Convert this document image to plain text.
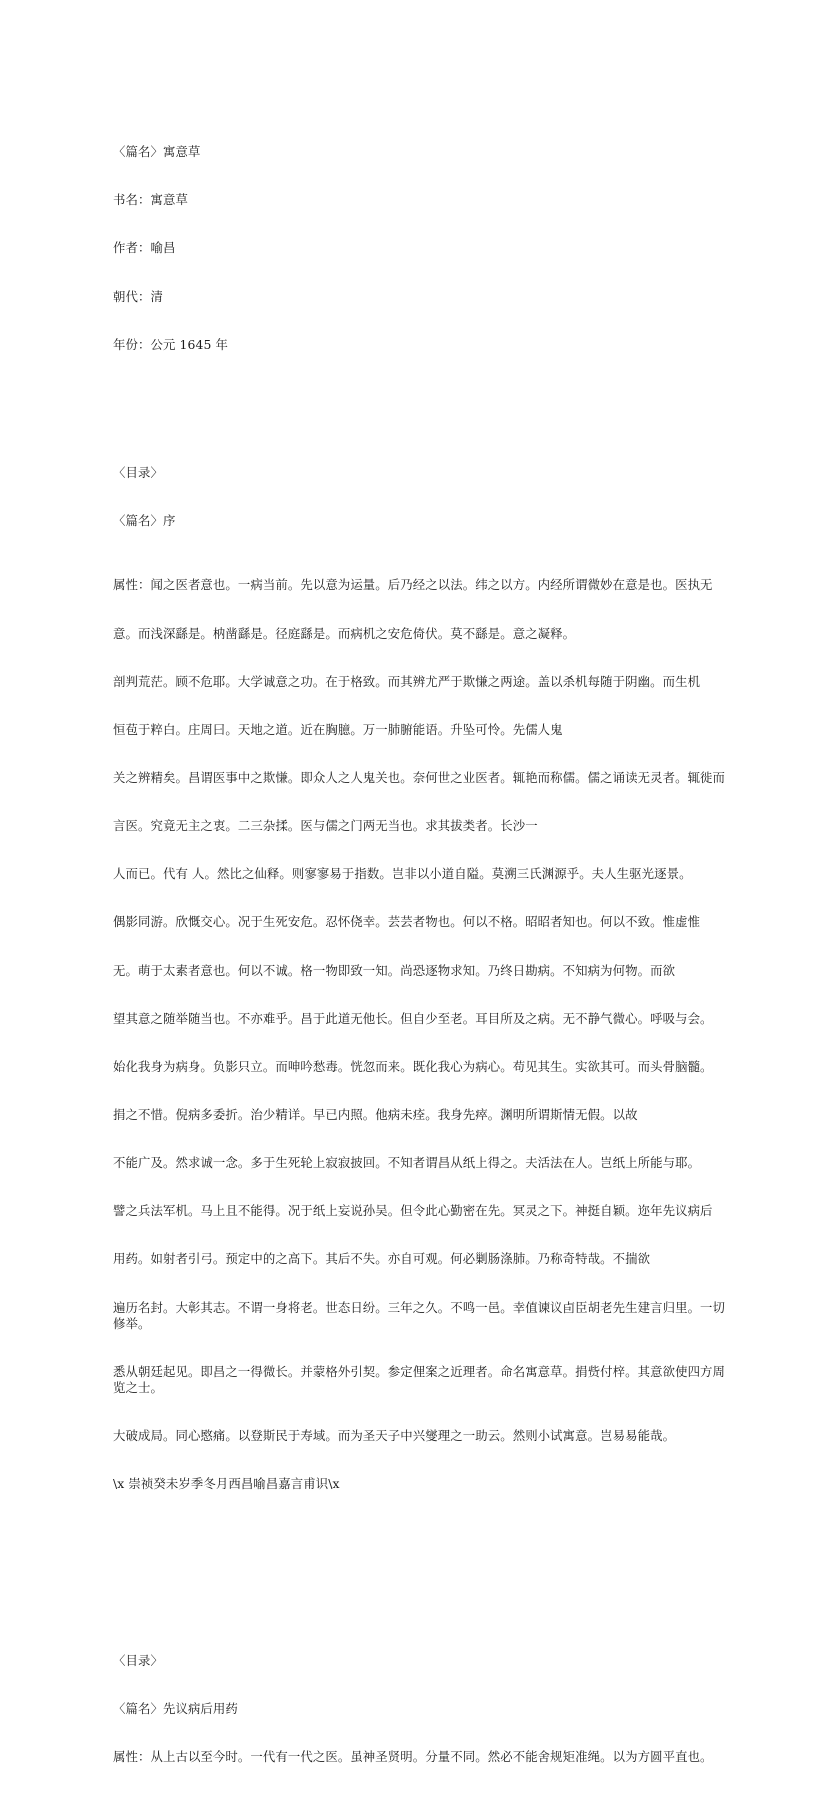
〈篇名〉寓意草

书名：寓意草

作者：喻昌

朝代：清

年份：公元 1645 年

〈目录〉

〈篇名〉序

属性：闻之医者意也。一病当前。先以意为运量。后乃经之以法。纬之以方。内经所谓微妙在意是也。医执无

意。而浅深繇是。枘凿繇是。径庭繇是。而病机之安危倚伏。莫不繇是。意之凝释。

剖判荒茫。顾不危耶。大学诚意之功。在于格致。而其辨尤严于欺慊之两途。盖以杀机每随于阴幽。而生机

恒苞于粹白。庄周曰。天地之道。近在胸臆。万一肺腑能语。升坠可怜。先儒人鬼

关之辨精矣。昌谓医事中之欺慊。即众人之人鬼关也。奈何世之业医者。辄艳而称儒。儒之诵读无灵者。辄徙而

言医。究竟无主之衷。二三杂揉。医与儒之门两无当也。求其拔类者。长沙一

人而已。代有 人。然比之仙释。则寥寥易于指数。岂非以小道自隘。莫溯三氏渊源乎。夫人生驱光逐景。

偶影同游。欣慨交心。况于生死安危。忍怀侥幸。芸芸者物也。何以不格。昭昭者知也。何以不致。惟虚惟

无。萌于太素者意也。何以不诚。格一物即致一知。尚恐逐物求知。乃终日勘病。不知病为何物。而欲

望其意之随举随当也。不亦难乎。昌于此道无他长。但自少至老。耳目所及之病。无不静气微心。呼吸与会。

始化我身为病身。负影只立。而呻吟愁毒。恍忽而来。既化我心为病心。苟见其生。实欲其可。而头骨脑髓。

捐之不惜。倪病多委折。治少精详。早已内照。他病未痊。我身先瘁。渊明所谓斯情无假。以故

不能广及。然求诚一念。多于生死轮上寂寂披回。不知者谓昌从纸上得之。夫活法在人。岂纸上所能与耶。

譬之兵法军机。马上且不能得。况于纸上妄说孙吴。但令此心勤密在先。冥灵之下。神挺自颖。迩年先议病后

用药。如射者引弓。预定中的之高下。其后不失。亦自可观。何必剿肠涤肺。乃称奇特哉。不揣欲

遍历名封。大彰其志。不谓一身将老。世态日纷。三年之久。不鸣一邑。幸值谏议卣臣胡老先生建言归里。一切修举。

悉从朝廷起见。即昌之一得微长。并蒙格外引契。参定俚案之近理者。命名寓意草。捐赀付梓。其意欲使四方周览之士。

大破成局。同心愍痛。以登斯民于寿域。而为圣天子中兴燮理之一助云。然则小试寓意。岂易易能哉。

\x 崇祯癸未岁季冬月西昌喻昌嘉言甫识\x

〈目录〉

〈篇名〉先议病后用药

属性：从上古以至今时。一代有一代之医。虽神圣贤明。分量不同。然必不能舍规矩准绳。以为方圆平直也。
